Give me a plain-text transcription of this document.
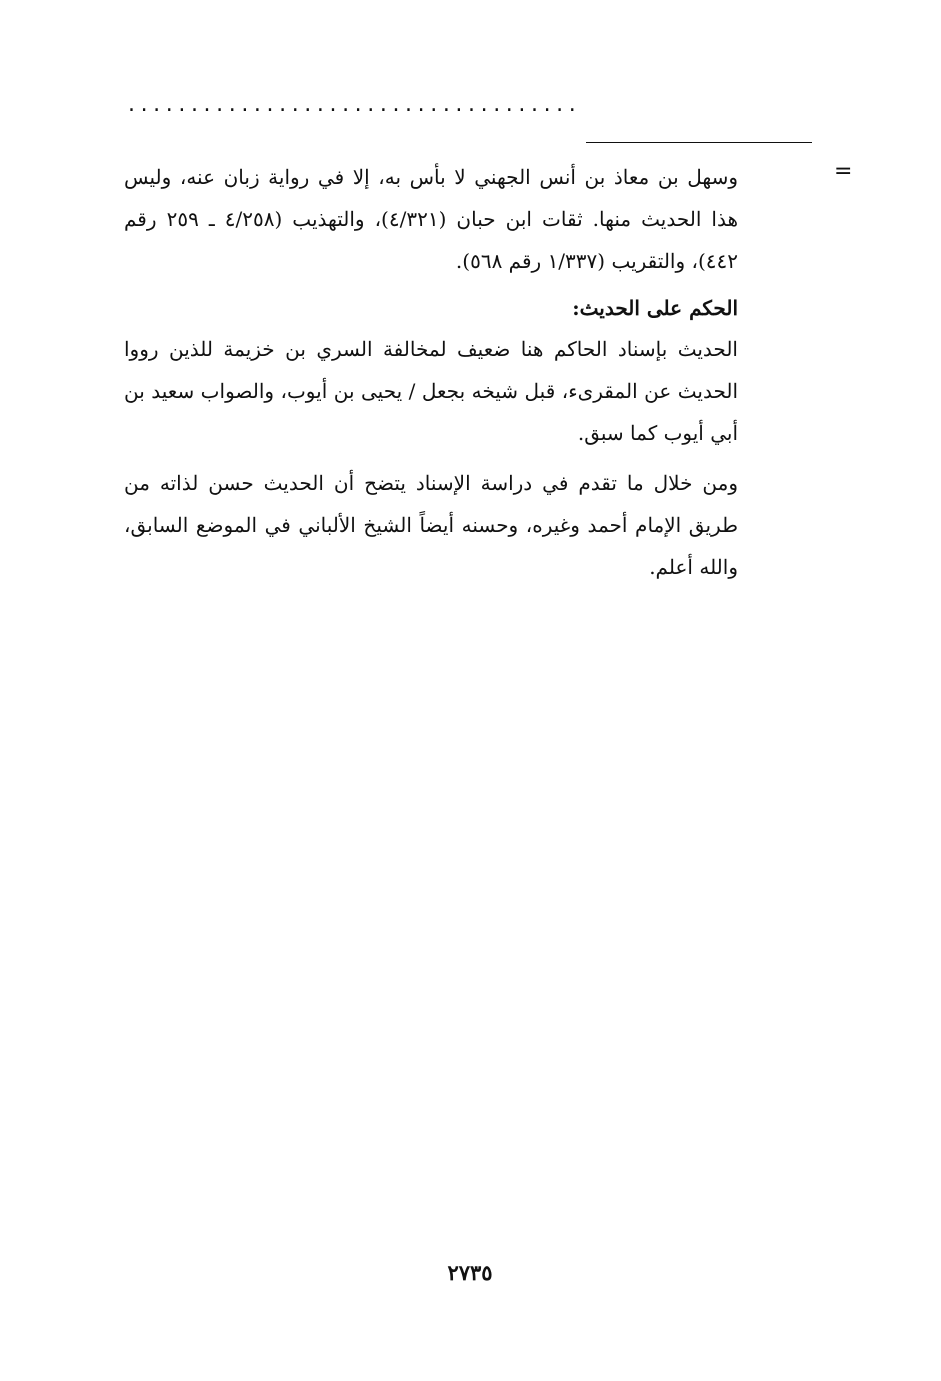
....................................
=

وسهل بن معاذ بن أنس الجهني لا بأس به، إلا في رواية زبان عنه، وليس هذا الحديث منها. ثقات ابن حبان (٤/٣٢١)، والتهذيب (٤/٢٥٨ ـ ٢٥٩ رقم ٤٤٢)، والتقريب (١/٣٣٧ رقم ٥٦٨).

الحكم على الحديث:

الحديث بإسناد الحاكم هنا ضعيف لمخالفة السري بن خزيمة للذين رووا الحديث عن المقرىء، قبل شيخه بجعل / يحيى بن أيوب، والصواب سعيد بن أبي أيوب كما سبق.

ومن خلال ما تقدم في دراسة الإسناد يتضح أن الحديث حسن لذاته من طريق الإمام أحمد وغيره، وحسنه أيضاً الشيخ الألباني في الموضع السابق، والله أعلم.

٢٧٣٥
